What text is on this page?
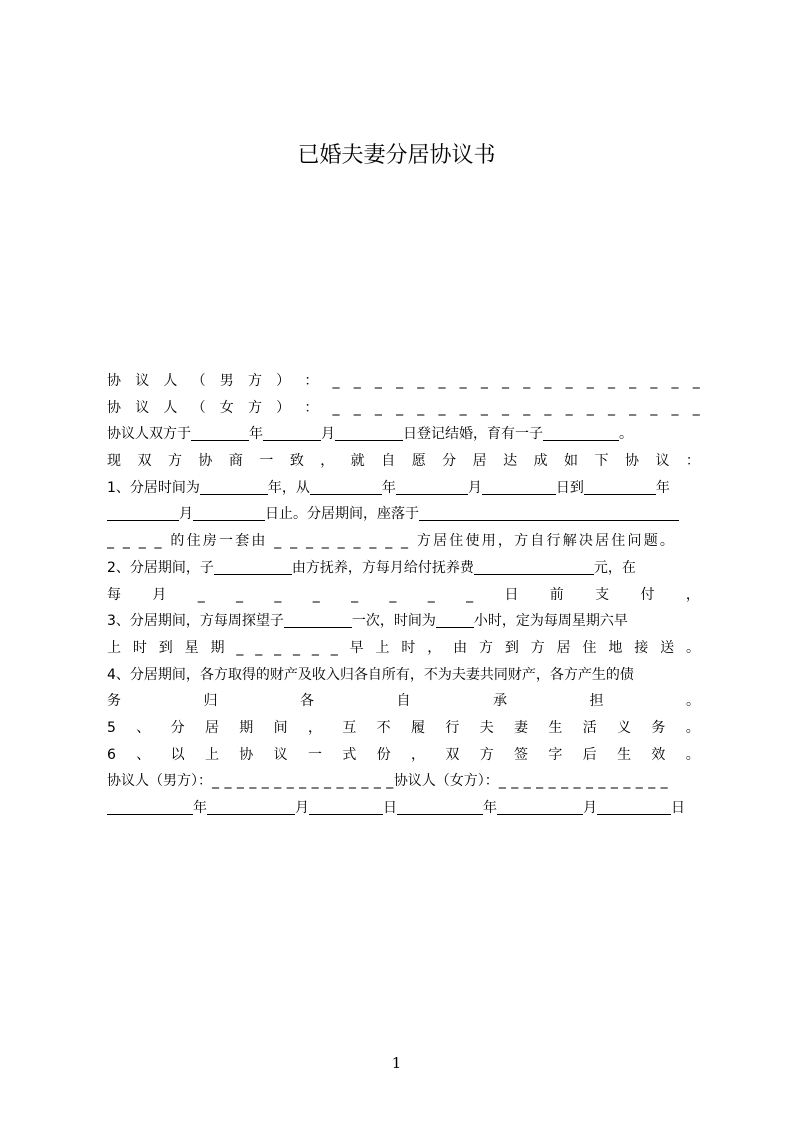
已婚夫妻分居协议书
协 议 人 （ 男 方 ） ： _ _ _ _ _ _ _ _ _ _ _ _ _ _ _ _ _ _
协 议 人 （ 女 方 ） ： _ _ _ _ _ _ _ _ _ _ _ _ _ _ _ _ _ _
协议人双方于	年	月	日登记结婚，育有一子	。
现 双 方 协 商 一 致 ， 就 自 愿 分 居 达 成 如 下 协 议 ：
1、分居时间为	年，从	年	月	日到	年
月	日止。分居期间，座落于
_ _ _ _ 的住房一套由 _ _ _ _ _ _ _ _ _ 方居住使用，方自行解决居住问题。
2、分居期间，子	由方抚养，方每月给付抚养费	元，在
每 月 _ _ _ _ _ _ _ _ 日 前 支 付 ，
3、分居期间，方每周探望子	一次，时间为	小时，定为每周星期六早
上 时 到 星 期 _ _ _ _ _ _ 早 上 时 ， 由 方 到 方 居 住 地 接 送 。
4、分居期间，各方取得的财产及收入归各自所有，不为夫妻共同财产，各方产生的债
务	归	各	自	承	担	。
5 、 分 居 期 间 ， 互 不 履 行 夫 妻 生 活 义 务 。
6 、 以 上 协 议 一 式 份 ， 双 方 签 字 后 生 效 。
协议人（男方）：_ _ _ _ _ _ _ _ _ _ _ _ _ _ _协议人（女方）：_ _ _ _ _ _ _ _ _ _ _ _ _ _
年	月	日	年	月	日
1
